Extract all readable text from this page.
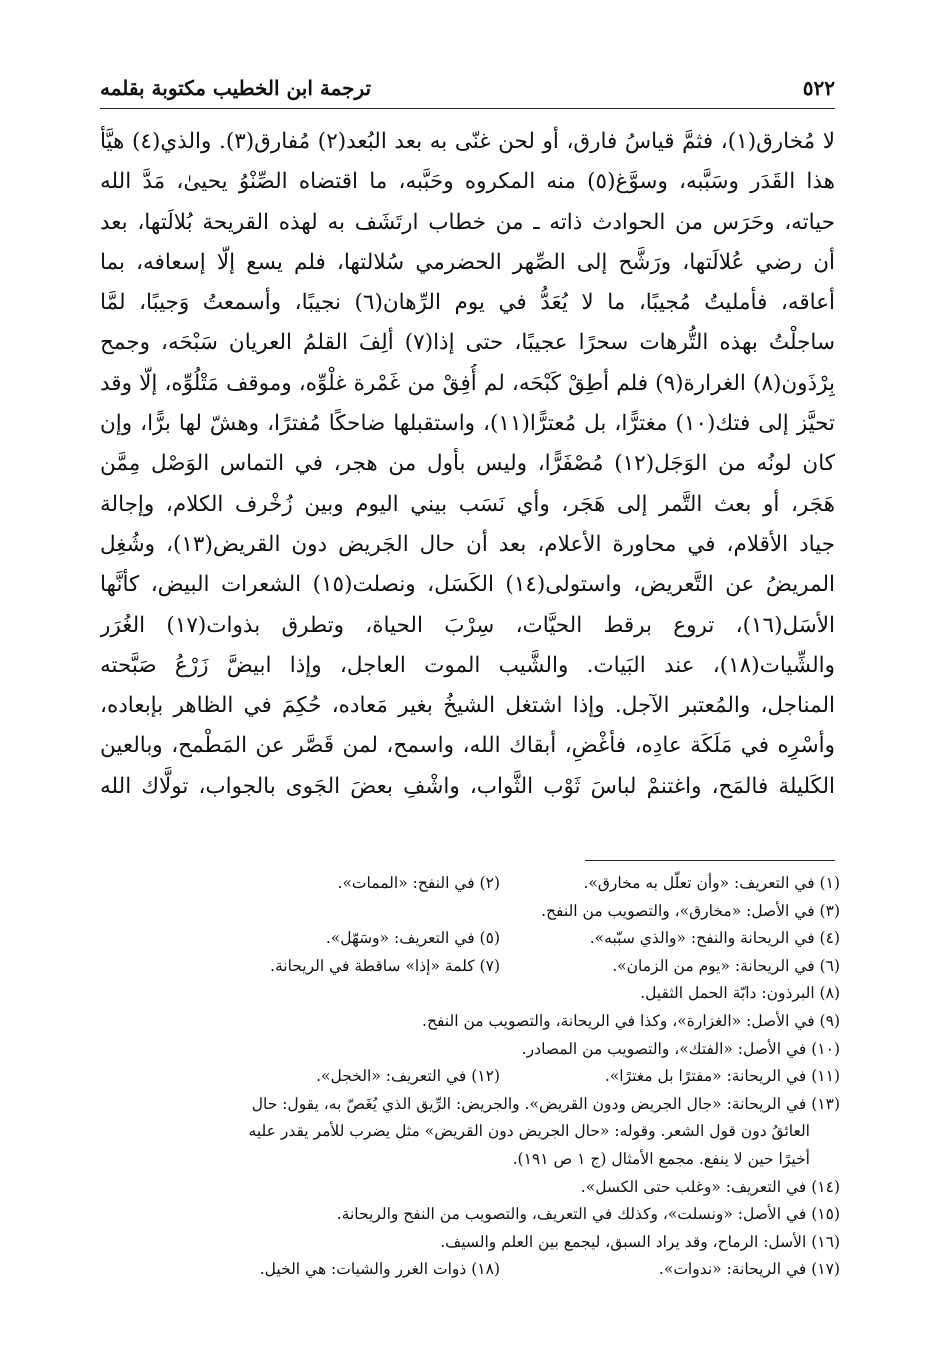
٥٢٢
ترجمة ابن الخطيب مكتوبة بقلمه
لا مُخارق(١)، فثمَّ قياسُ فارق، أو لحن غنّى به بعد البُعد(٢) مُفارق(٣). والذي(٤) هيَّأ
هذا القَدَر وسَبَّبه، وسوَّغ(٥) منه المكروه وحَبَّبه، ما اقتضاه الصِّنْوُ يحيىٰ، مَدَّ الله
حياته، وحَرَس من الحوادث ذاته ـ من خطاب ارتَشَف به لهذه القريحة بُلالَتها، بعد
أن رضي عُلالَتها، ورَشَّح إلى الصِّهر الحضرمي سُلالتها، فلم يسع إلّا إسعافه، بما
أعاقه، فأمليتُ مُجيبًا، ما لا يُعَدُّ في يوم الرِّهان(٦) نجيبًا، وأسمعتُ وَجيبًا، لمَّا
ساجلْتُ بهذه التُّرهات سحرًا عجيبًا، حتى إذا(٧) ألِفَ القلمُ العريان سَبْحَه، وجمح
بِرْذَون(٨) الغرارة(٩) فلم أطِقْ كَبْحَه، لم أُفِقْ من غَمْرة غلْوِّه، وموقف مَتْلُوِّه، إلّا وقد
تحيَّز إلى فتك(١٠) مغترًّا، بل مُعترًّا(١١)، واستقبلها ضاحكًا مُفترًا، وهشّ لها برًّا، وإن
كان لونُه من الوَجَل(١٢) مُصْفَرًّا، وليس بأول من هجر، في التماس الوَصْل مِمَّن
هَجَر، أو بعث التَّمر إلى هَجَر، وأي نَسَب بيني اليوم وبين زُخْرف الكلام، وإجالة
جياد الأقلام، في محاورة الأعلام، بعد أن حال الجَريض دون القريض(١٣)، وشُغِل
المريضُ عن التَّعريض، واستولى(١٤) الكَسَل، ونصلت(١٥) الشعرات البيض، كأنَّها
الأسَل(١٦)، تروع برقط الحيَّات، سِرْبَ الحياة، وتطرق بذوات(١٧) الغُرَر
والشِّيات(١٨)، عند البَيات. والشَّيب الموت العاجل، وإذا ابيضَّ زَرْعُ صَبَّحته
المناجل، والمُعتبر الآجل. وإذا اشتغل الشيخُ بغير مَعاده، حُكِمَ في الظاهر بإبعاده،
وأسْرِه في مَلَكَة عادِه، فأغْضِ، أبقاك الله، واسمح، لمن قَصَّر عن المَطْمح، وبالعين
الكَليلة فالمَح، واغتنمْ لباسَ ثَوْب الثَّواب، واشْفِ بعضَ الجَوى بالجواب، تولَّاك الله
(١) في التعريف: «وأن تعلّل به مخارق».(٢) في النفح: «الممات».
(٣) في الأصل: «مخارق»، والتصويب من النفح.
(٤) في الريحانة والنفح: «والذي سبّبه».(٥) في التعريف: «وسَهّل».
(٦) في الريحانة: «يوم من الزمان».(٧) كلمة «إذا» ساقطة في الريحانة.
(٨) البرذون: دابّة الحمل الثقيل.
(٩) في الأصل: «الغزارة»، وكذا في الريحانة، والتصويب من النفح.
(١٠) في الأصل: «الفتك»، والتصويب من المصادر.
(١١) في الريحانة: «مفترًا بل مغترًا».(١٢) في التعريف: «الخجل».
(١٣) في الريحانة: «جال الجريض ودون القريض». والجريض: الرِّيق الذي يُغَصّ به، يقول: حال
العائقُ دون قول الشعر. وقوله: «حال الجريض دون القريض» مثل يضرب للأمر يقدر عليه
أخيرًا حين لا ينفع. مجمع الأمثال (ج ١ ص ١٩١).
(١٤) في التعريف: «وغلب حتى الكسل».
(١٥) في الأصل: «ونسلت»، وكذلك في التعريف، والتصويب من النفح والريحانة.
(١٦) الأسل: الرماح، وقد يراد السبق، ليجمع بين العلم والسيف.
(١٧) في الريحانة: «ندوات».(١٨) ذوات الغرر والشيات: هي الخيل.
